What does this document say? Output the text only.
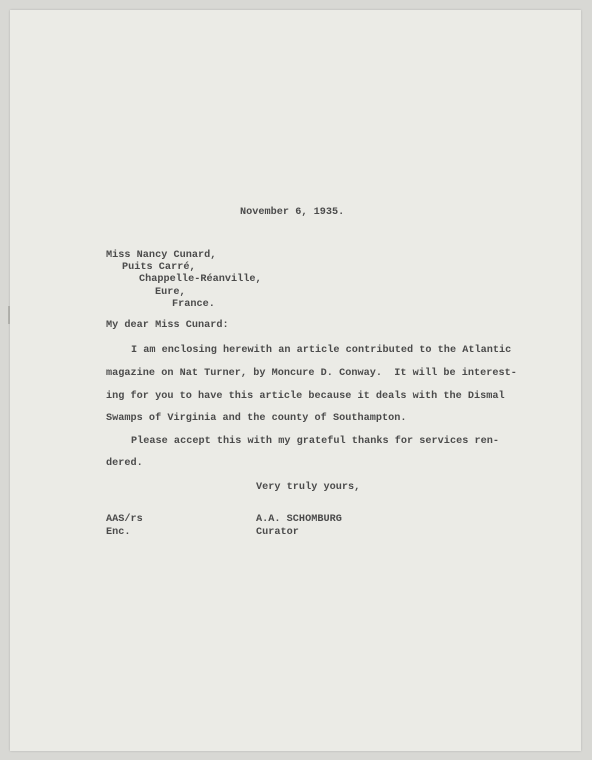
November 6, 1935.
Miss Nancy Cunard,
Puits Carré,
Chappelle-Réanville,
Eure,
France.
My dear Miss Cunard:
I am enclosing herewith an article contributed to the Atlantic
magazine on Nat Turner, by Moncure D. Conway.  It will be interest-
ing for you to have this article because it deals with the Dismal
Swamps of Virginia and the county of Southampton.
Please accept this with my grateful thanks for services ren-
dered.
Very truly yours,
AAS/rs
Enc.
A.A. SCHOMBURG
Curator
